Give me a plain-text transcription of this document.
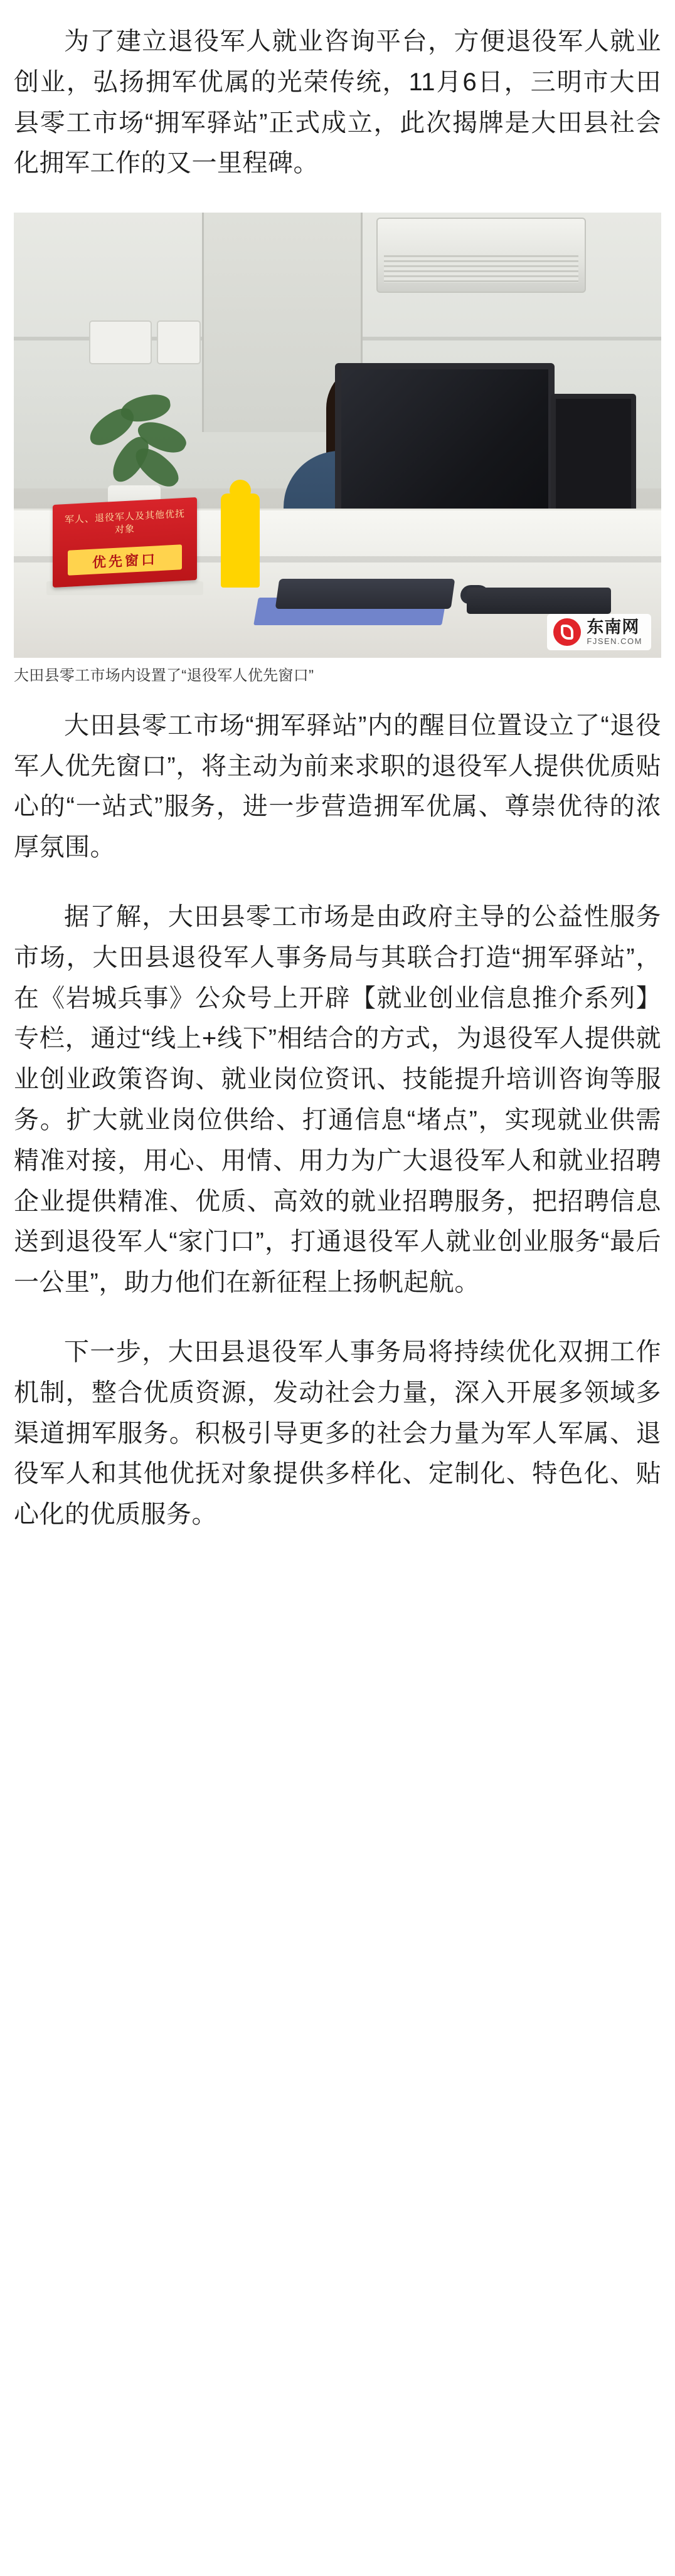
为了建立退役军人就业咨询平台，方便退役军人就业创业，弘扬拥军优属的光荣传统，11月6日，三明市大田县零工市场“拥军驿站”正式成立，此次揭牌是大田县社会化拥军工作的又一里程碑。

军人、退役军人及其他优抚对象
优先窗口
东南网
FJSEN.COM
大田县零工市场内设置了“退役军人优先窗口”

大田县零工市场“拥军驿站”内的醒目位置设立了“退役军人优先窗口”，将主动为前来求职的退役军人提供优质贴心的“一站式”服务，进一步营造拥军优属、尊崇优待的浓厚氛围。

据了解，大田县零工市场是由政府主导的公益性服务市场，大田县退役军人事务局与其联合打造“拥军驿站”，在《岩城兵事》公众号上开辟【就业创业信息推介系列】专栏，通过“线上+线下”相结合的方式，为退役军人提供就业创业政策咨询、就业岗位资讯、技能提升培训咨询等服务。扩大就业岗位供给、打通信息“堵点”，实现就业供需精准对接，用心、用情、用力为广大退役军人和就业招聘企业提供精准、优质、高效的就业招聘服务，把招聘信息送到退役军人“家门口”，打通退役军人就业创业服务“最后一公里”，助力他们在新征程上扬帆起航。

下一步，大田县退役军人事务局将持续优化双拥工作机制，整合优质资源，发动社会力量，深入开展多领域多渠道拥军服务。积极引导更多的社会力量为军人军属、退役军人和其他优抚对象提供多样化、定制化、特色化、贴心化的优质服务。
